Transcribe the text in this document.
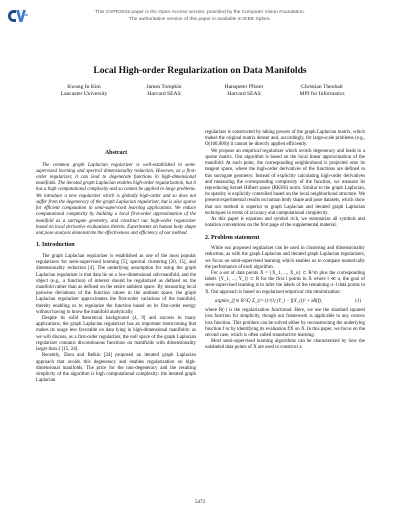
This CVPR2015 paper is the Open Access version, provided by the Computer Vision Foundation.
The authoritative version of this paper is available in IEEE Xplore.
Local High-order Regularization on Data Manifolds
Kwang In Kim
Lancaster University
James Tompkin
Harvard SEAS
Hanspeter Pfister
Harvard SEAS
Christian Theobalt
MPI for Informatics
Abstract

The common graph Laplacian regularizer is well-established in semi-supervised learning and spectral dimensionality reduction. However, as a first-order regularizer, it can lead to degenerate functions in high-dimensional manifolds. The iterated graph Laplacian enables high-order regularization, but it has a high computational complexity and so cannot be applied to large problems. We introduce a new regularizer which is globally high-order and so does not suffer from the degeneracy of the graph Laplacian regularizer, but is also sparse for efficient computation in semi-supervised learning applications. We reduce computational complexity by building a local first-order approximation of the manifold as a surrogate geometry, and construct our high-order regularizer based on local derivative evaluations therein. Experiments on human body shape and pose analysis demonstrate the effectiveness and efficiency of our method.

1. Introduction

The graph Laplacian regularizer is established as one of the most popular regularizers for semi-supervised learning [5], spectral clustering [20, 15], and dimensionality reduction [4]. The underlying assumption for using the graph Laplacian regularizer is that data lie on a low-dimensional sub-manifold, and the object (e.g., a function) of interest should be regularized as defined on the manifold rather than as defined on the entire ambient space. By measuring local pairwise deviations of the function values in the ambient space, the graph Laplacian regularizer approximates the first-order variations of the manifold, thereby enabling us to regularize the function based on its first-order energy without having to know the manifold analytically.

Despite its solid theoretical background [4, 9] and success in many applications, the graph Laplacian regularizer has an important shortcoming that makes its usage less favorable on data lying in high-dimensional manifolds: as we will discuss, as a first-order regularizer, the null space of the graph Laplacian regularizer contains discontinuous functions on manifolds with dimensionality larger than 2 [15, 24].

Recently, Zhou and Belkin [24] proposed an iterated graph Laplacian approach that avoids this degeneracy and enables regularization on high-dimensional manifolds. The price for the non-degeneracy and the resulting simplicity of the algorithm is high computational complexity: the iterated graph Laplacian

regularizer is constructed by taking powers of the graph Laplacian matrix, which makes the original matrix denser and, accordingly, for large-scale problems (e.g., O(100,000)) it cannot be directly applied efficiently.

We propose an empirical regularizer which avoids degeneracy and leads to a sparse matrix. Our algorithm is based on the local linear approximation of the manifold: At each point, the corresponding neighborhood is projected onto its tangent space, where the high-order derivatives of the functions are defined in this surrogate geometry. Instead of explicitly calculating high-order derivatives and measuring the corresponding complexity of the function, we measure its reproducing kernel Hilbert space (RKHS) norm. Similar to the graph Laplacian, its sparsity is explicitly controlled based on the local neighborhood structure. We present experimental results on human body shape and pose datasets, which show that our method is superior to graph Laplacian and iterated graph Laplacian techniques in terms of accuracy and computational complexity.

As this paper is equation and symbol rich, we summarize all symbols and notation conventions on the first page of the supplemental material.

2. Problem statement

While our proposed regularizer can be used in clustering and dimensionality reduction, as with the graph Laplacian and iterated graph Laplacian regularizers, we focus on semi-supervised learning which enables us to compare numerically the performance of each algorithm.

For a set of data points X = {X_1, ..., X_u} ⊂ R^m plus the corresponding labels {Y_1, ..., Y_l} ⊂ R for the first l points in X where l ≪ u, the goal of semi-supervised learning is to infer the labels of the remaining u−l data points in X. Our approach is based on regularized empirical risk minimization:

argmin_{f ∈ R^X} Σ_{i=1}^{l} (Y_i − f(X_i))² + λR(f),	(1)

where R(·) is the regularization functional. Here, we use the standard squared loss function for simplicity, though our framework is applicable to any convex loss function. This problem can be solved either by reconstructing the underlying function f or by identifying its evaluation f|X on X. In this paper, we focus on the second case, which is often called transductive learning.

Most semi-supervised learning algorithms can be characterized by how the unlabeled data points of X are used to construct a

5473
